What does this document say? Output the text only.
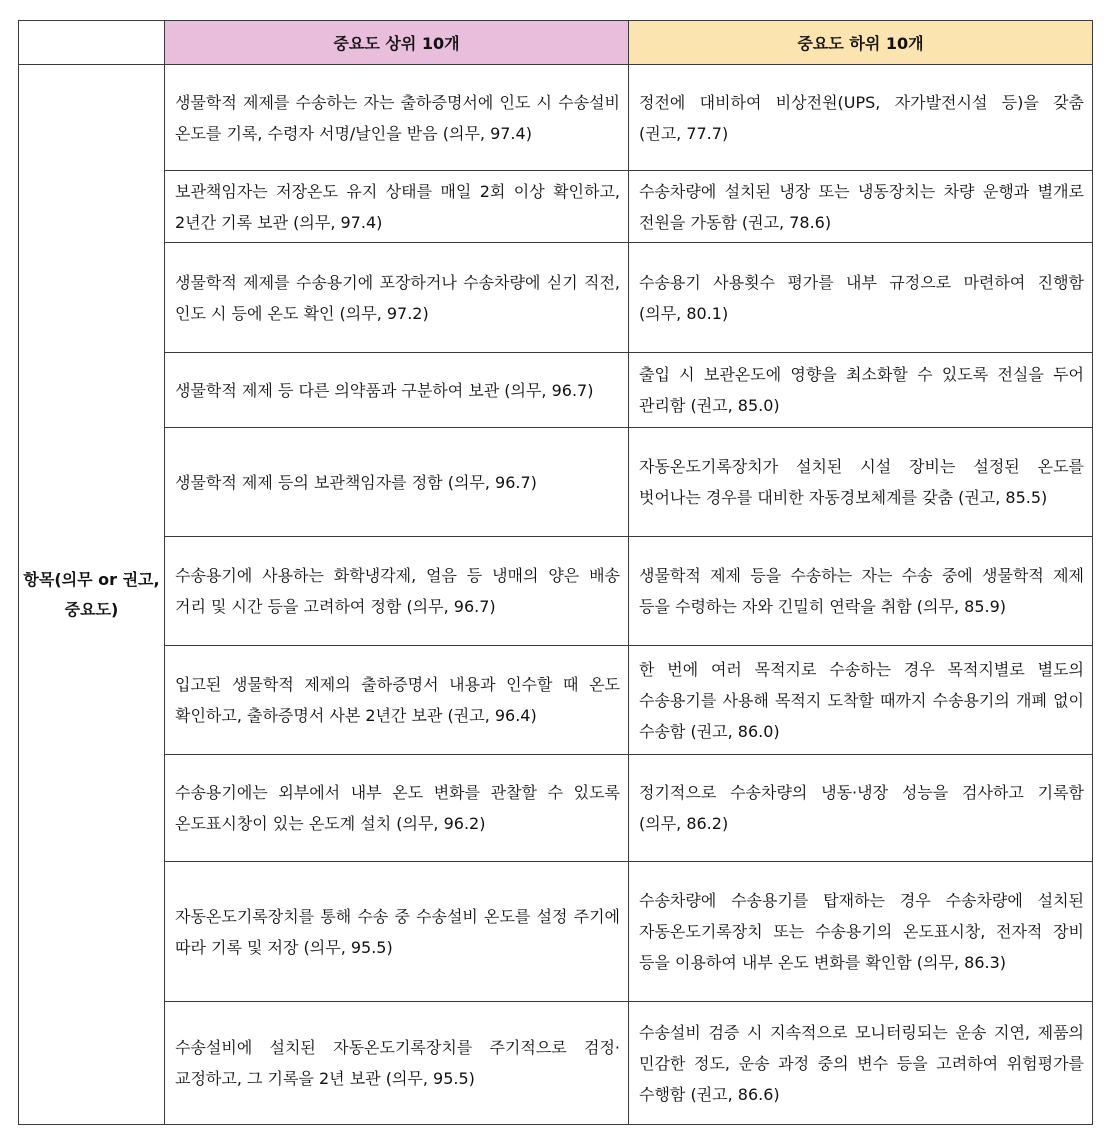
	중요도 상위 10개	중요도 하위 10개
항목(의무 or 권고, 중요도)	생물학적 제제를 수송하는 자는 출하증명서에 인도 시 수송설비 온도를 기록, 수령자 서명/날인을 받음 (의무, 97.4)	정전에 대비하여 비상전원(UPS, 자가발전시설 등)을 갖춤 (권고, 77.7)
	보관책임자는 저장온도 유지 상태를 매일 2회 이상 확인하고, 2년간 기록 보관 (의무, 97.4)	수송차량에 설치된 냉장 또는 냉동장치는 차량 운행과 별개로 전원을 가동함 (권고, 78.6)
	생물학적 제제를 수송용기에 포장하거나 수송차량에 싣기 직전, 인도 시 등에 온도 확인 (의무, 97.2)	수송용기 사용횟수 평가를 내부 규정으로 마련하여 진행함 (의무, 80.1)
	생물학적 제제 등 다른 의약품과 구분하여 보관 (의무, 96.7)	출입 시 보관온도에 영향을 최소화할 수 있도록 전실을 두어 관리함 (권고, 85.0)
	생물학적 제제 등의 보관책임자를 정함 (의무, 96.7)	자동온도기록장치가 설치된 시설 장비는 설정된 온도를 벗어나는 경우를 대비한 자동경보체계를 갖춤 (권고, 85.5)
	수송용기에 사용하는 화학냉각제, 얼음 등 냉매의 양은 배송 거리 및 시간 등을 고려하여 정함 (의무, 96.7)	생물학적 제제 등을 수송하는 자는 수송 중에 생물학적 제제 등을 수령하는 자와 긴밀히 연락을 취함 (의무, 85.9)
	입고된 생물학적 제제의 출하증명서 내용과 인수할 때 온도 확인하고, 출하증명서 사본 2년간 보관 (권고, 96.4)	한 번에 여러 목적지로 수송하는 경우 목적지별로 별도의 수송용기를 사용해 목적지 도착할 때까지 수송용기의 개폐 없이 수송함 (권고, 86.0)
	수송용기에는 외부에서 내부 온도 변화를 관찰할 수 있도록 온도표시창이 있는 온도계 설치 (의무, 96.2)	정기적으로 수송차량의 냉동·냉장 성능을 검사하고 기록함 (의무, 86.2)
	자동온도기록장치를 통해 수송 중 수송설비 온도를 설정 주기에 따라 기록 및 저장 (의무, 95.5)	수송차량에 수송용기를 탑재하는 경우 수송차량에 설치된 자동온도기록장치 또는 수송용기의 온도표시창, 전자적 장비 등을 이용하여 내부 온도 변화를 확인함 (의무, 86.3)
	수송설비에 설치된 자동온도기록장치를 주기적으로 검정·교정하고, 그 기록을 2년 보관 (의무, 95.5)	수송설비 검증 시 지속적으로 모니터링되는 운송 지연, 제품의 민감한 정도, 운송 과정 중의 변수 등을 고려하여 위험평가를 수행함 (권고, 86.6)
